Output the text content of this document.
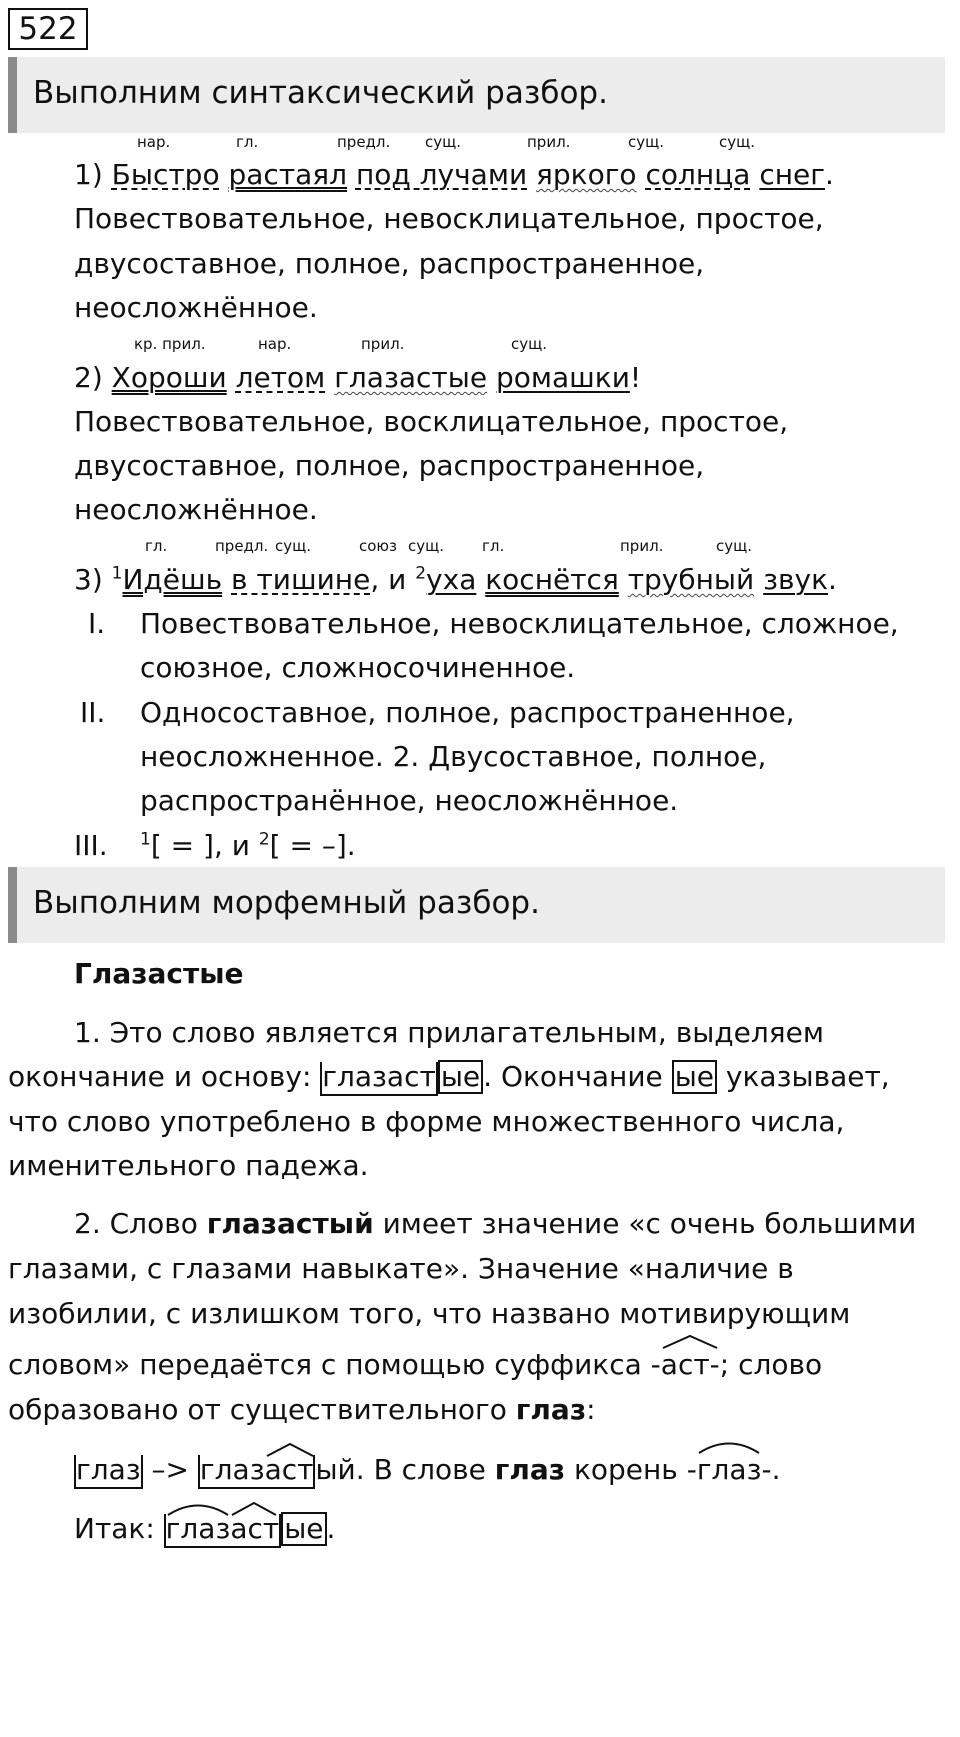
522
Выполним синтаксический разбор.
нар.	гл.	предл. сущ.	прил.	сущ.	сущ.
1) Быстро растаял под лучами яркого солнца снег.
Повествовательное, невосклицательное, простое,
двусоставное, полное, распространенное,
неосложнённое.
кр. прил.	нар.	прил.	сущ.
2) Хороши летом глазастые ромашки!
Повествовательное, восклицательное, простое,
двусоставное, полное, распространенное,
неосложнённое.
гл.	предл. сущ.	союз сущ.	гл.	прил.	сущ.
3) $^1$Идёшь в тишине, и $^2$уха коснётся трубный звук.
I. Повествовательное, невосклицательное, сложное,
союзное, сложносочиненное.
II. Односоставное, полное, распространенное,
неосложненное. 2. Двусоставное, полное,
распространённое, неосложнённое.
III. $^1$[ = ], и $^2$[ = –].
Выполним морфемный разбор.
Глазастые
1. Это слово является прилагательным, выделяем
окончание и основу: глазаст ые . Окончание ые указывает,
что слово употреблено в форме множественного числа,
именительного падежа.
2. Слово глазастый имеет значение «с очень большими
глазами, с глазами навыкате». Значение «наличие в
изобилии, с излишком того, что названо мотивирующим
словом» передаётся с помощью суффикса -
аст-; слово
образовано от существительного глаз:
глаз –> глаз
астый. В слове глаз корень -
глаз-.
Итак:
глаз
аст ые .
